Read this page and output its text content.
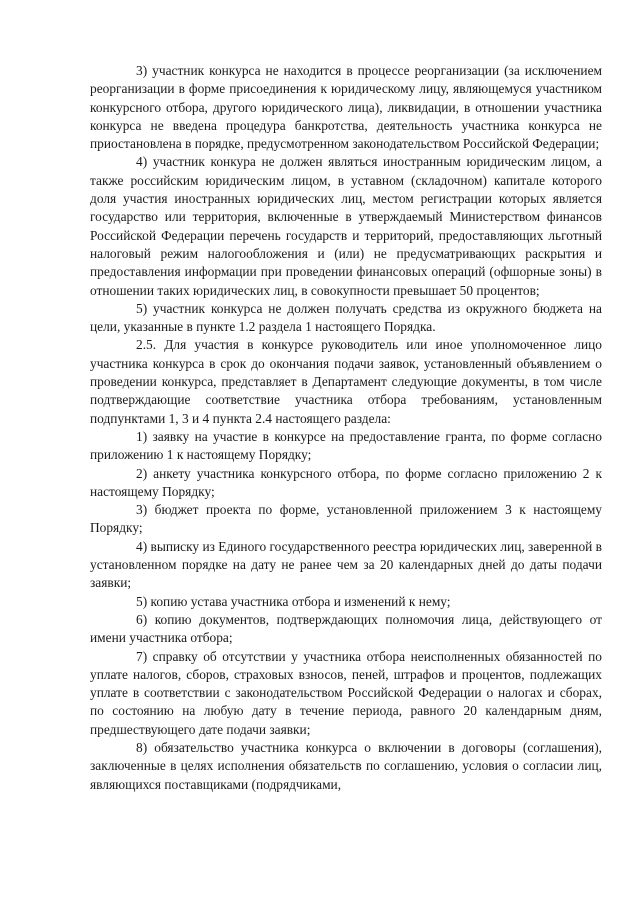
3) участник конкурса не находится в процессе реорганизации (за исключением реорганизации в форме присоединения к юридическому лицу, являющемуся участником конкурсного отбора, другого юридического лица), ликвидации, в отношении участника конкурса не введена процедура банкротства, деятельность участника конкурса не приостановлена в порядке, предусмотренном законодательством Российской Федерации;

4) участник конкура не должен являться иностранным юридическим лицом, а также российским юридическим лицом, в уставном (складочном) капитале которого доля участия иностранных юридических лиц, местом регистрации которых является государство или территория, включенные в утверждаемый Министерством финансов Российской Федерации перечень государств и территорий, предоставляющих льготный налоговый режим налогообложения и (или) не предусматривающих раскрытия и предоставления информации при проведении финансовых операций (офшорные зоны) в отношении таких юридических лиц, в совокупности превышает 50 процентов;

5) участник конкурса не должен получать средства из окружного бюджета на цели, указанные в пункте 1.2 раздела 1 настоящего Порядка.

2.5. Для участия в конкурсе руководитель или иное уполномоченное лицо участника конкурса в срок до окончания подачи заявок, установленный объявлением о проведении конкурса, представляет в Департамент следующие документы, в том числе подтверждающие соответствие участника отбора требованиям, установленным подпунктами 1, 3 и 4 пункта 2.4 настоящего раздела:

1) заявку на участие в конкурсе на предоставление гранта, по форме согласно приложению 1 к настоящему Порядку;

2) анкету участника конкурсного отбора, по форме согласно приложению 2 к настоящему Порядку;

3) бюджет проекта по форме, установленной приложением 3 к настоящему Порядку;

4) выписку из Единого государственного реестра юридических лиц, заверенной в установленном порядке на дату не ранее чем за 20 календарных дней до даты подачи заявки;

5) копию устава участника отбора и изменений к нему;

6) копию документов, подтверждающих полномочия лица, действующего от имени участника отбора;

7) справку об отсутствии у участника отбора неисполненных обязанностей по уплате налогов, сборов, страховых взносов, пеней, штрафов и процентов, подлежащих уплате в соответствии с законодательством Российской Федерации о налогах и сборах, по состоянию на любую дату в течение периода, равного 20 календарным дням, предшествующего дате подачи заявки;

8) обязательство участника конкурса о включении в договоры (соглашения), заключенные в целях исполнения обязательств по соглашению, условия о согласии лиц, являющихся поставщиками (подрядчиками,
